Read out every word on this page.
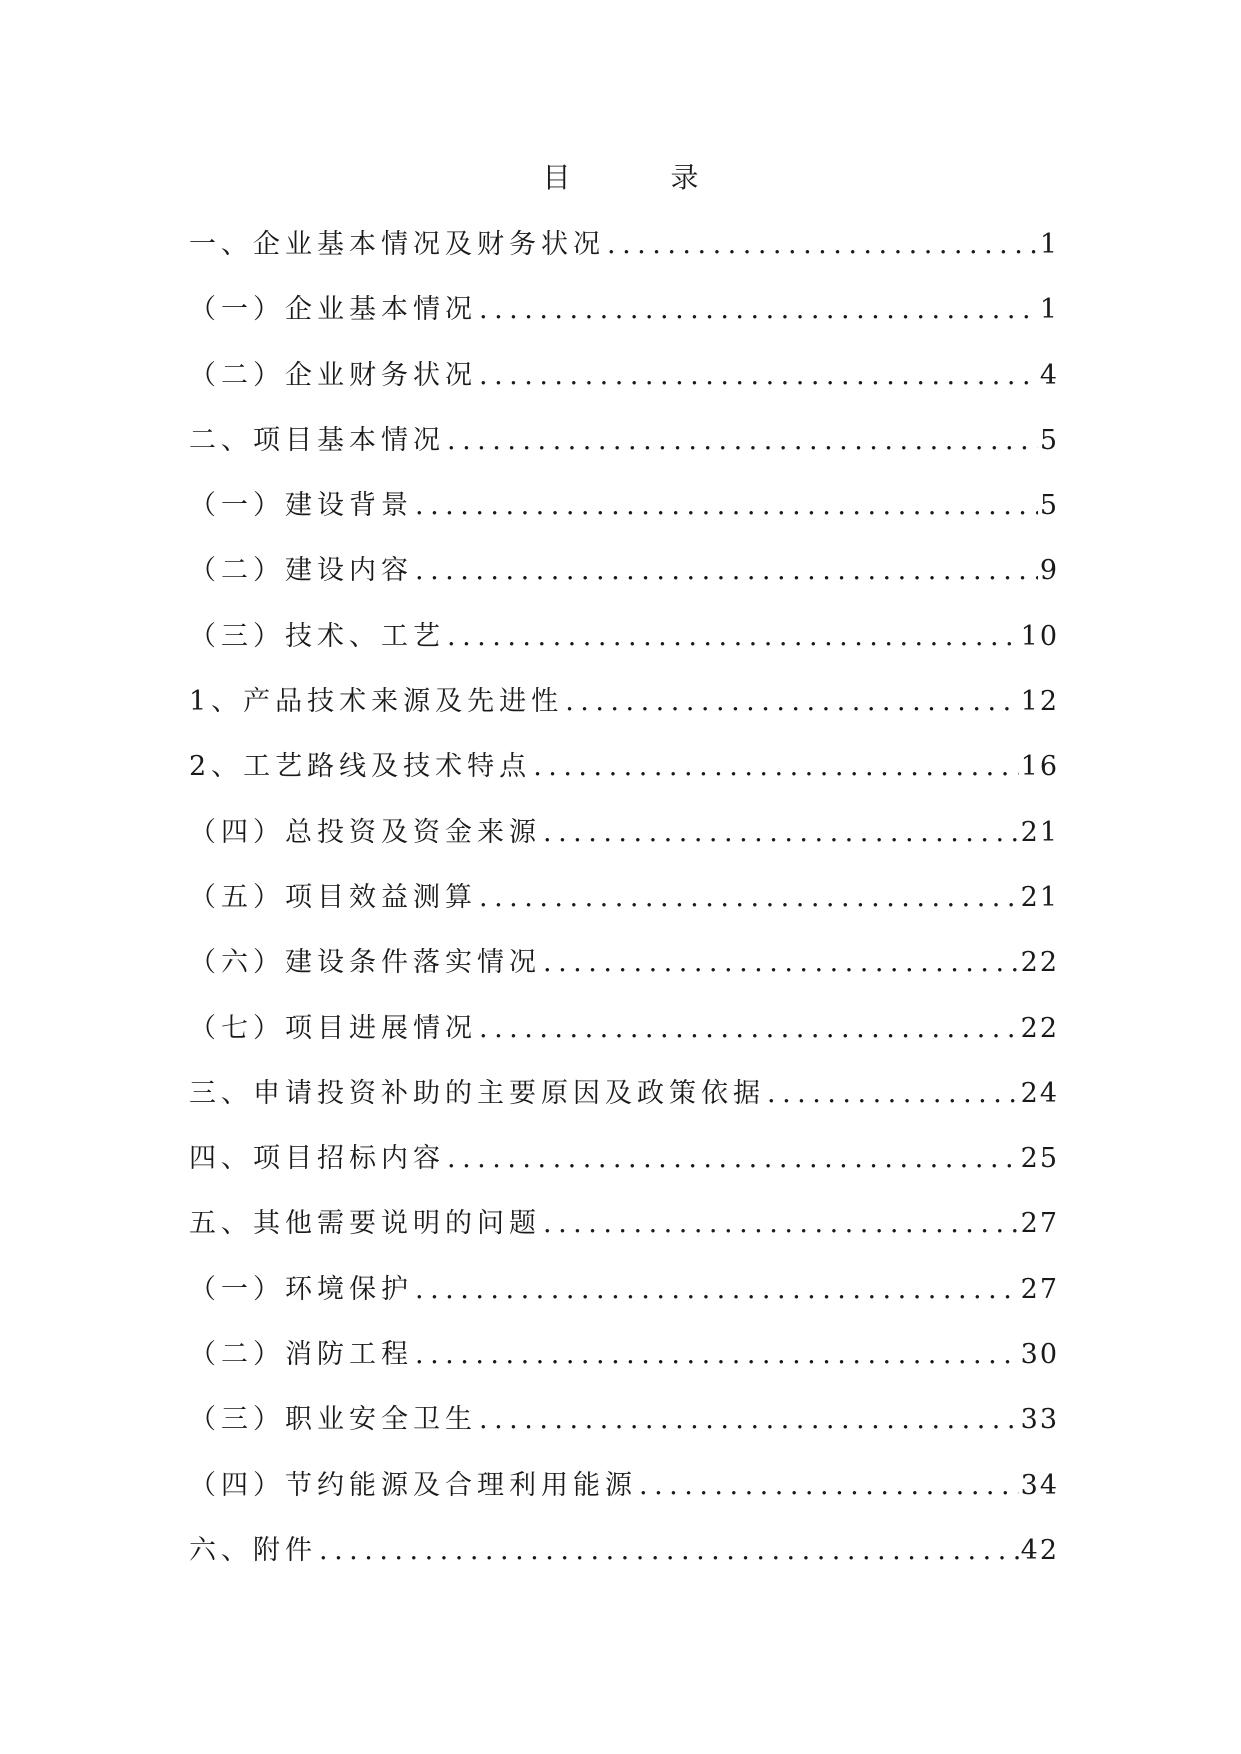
目　录
一、企业基本情况及财务状况 .....	1
（一）企业基本情况 .....	1
（二）企业财务状况 .....	4
二、项目基本情况 .....	5
（一）建设背景 .....	5
（二）建设内容 .....	9
（三）技术、工艺 .....	10
1、产品技术来源及先进性 .....	12
2、工艺路线及技术特点 .....	16
（四）总投资及资金来源 .....	21
（五）项目效益测算 .....	21
（六）建设条件落实情况 .....	22
（七）项目进展情况 .....	22
三、申请投资补助的主要原因及政策依据 .....	24
四、项目招标内容 .....	25
五、其他需要说明的问题 .....	27
（一）环境保护 .....	27
（二）消防工程 .....	30
（三）职业安全卫生 .....	33
（四）节约能源及合理利用能源 .....	34
六、附件 .....	42
